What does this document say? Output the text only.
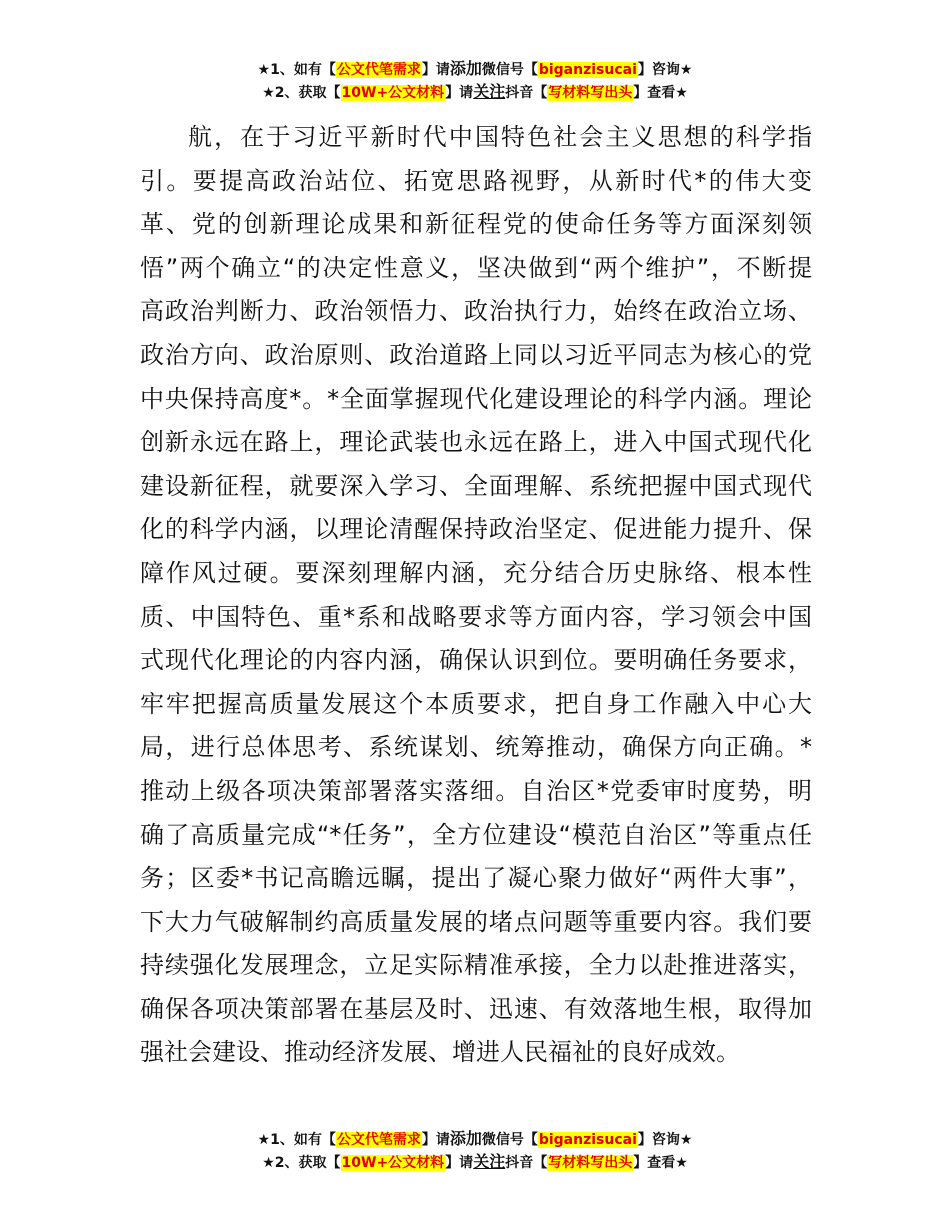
★1、如有【公文代笔需求】请添加微信号【biganzisucai】咨询★
★2、获取【10W+公文材料】请关注抖音【写材料写出头】查看★
航，在于习近平新时代中国特色社会主义思想的科学指
引。要提高政治站位、拓宽思路视野，从新时代*的伟大变
革、党的创新理论成果和新征程党的使命任务等方面深刻领
悟”两个确立“的决定性意义，坚决做到“两个维护”，不断提
高政治判断力、政治领悟力、政治执行力，始终在政治立场、
政治方向、政治原则、政治道路上同以习近平同志为核心的党
中央保持高度*。*全面掌握现代化建设理论的科学内涵。理论
创新永远在路上，理论武装也永远在路上，进入中国式现代化
建设新征程，就要深入学习、全面理解、系统把握中国式现代
化的科学内涵，以理论清醒保持政治坚定、促进能力提升、保
障作风过硬。要深刻理解内涵，充分结合历史脉络、根本性
质、中国特色、重*系和战略要求等方面内容，学习领会中国
式现代化理论的内容内涵，确保认识到位。要明确任务要求，
牢牢把握高质量发展这个本质要求，把自身工作融入中心大
局，进行总体思考、系统谋划、统筹推动，确保方向正确。*
推动上级各项决策部署落实落细。自治区*党委审时度势，明
确了高质量完成“*任务”，全方位建设“模范自治区”等重点任
务；区委*书记高瞻远瞩，提出了凝心聚力做好“两件大事”，
下大力气破解制约高质量发展的堵点问题等重要内容。我们要
持续强化发展理念，立足实际精准承接，全力以赴推进落实，
确保各项决策部署在基层及时、迅速、有效落地生根，取得加
强社会建设、推动经济发展、增进人民福祉的良好成效。
★1、如有【公文代笔需求】请添加微信号【biganzisucai】咨询★
★2、获取【10W+公文材料】请关注抖音【写材料写出头】查看★
